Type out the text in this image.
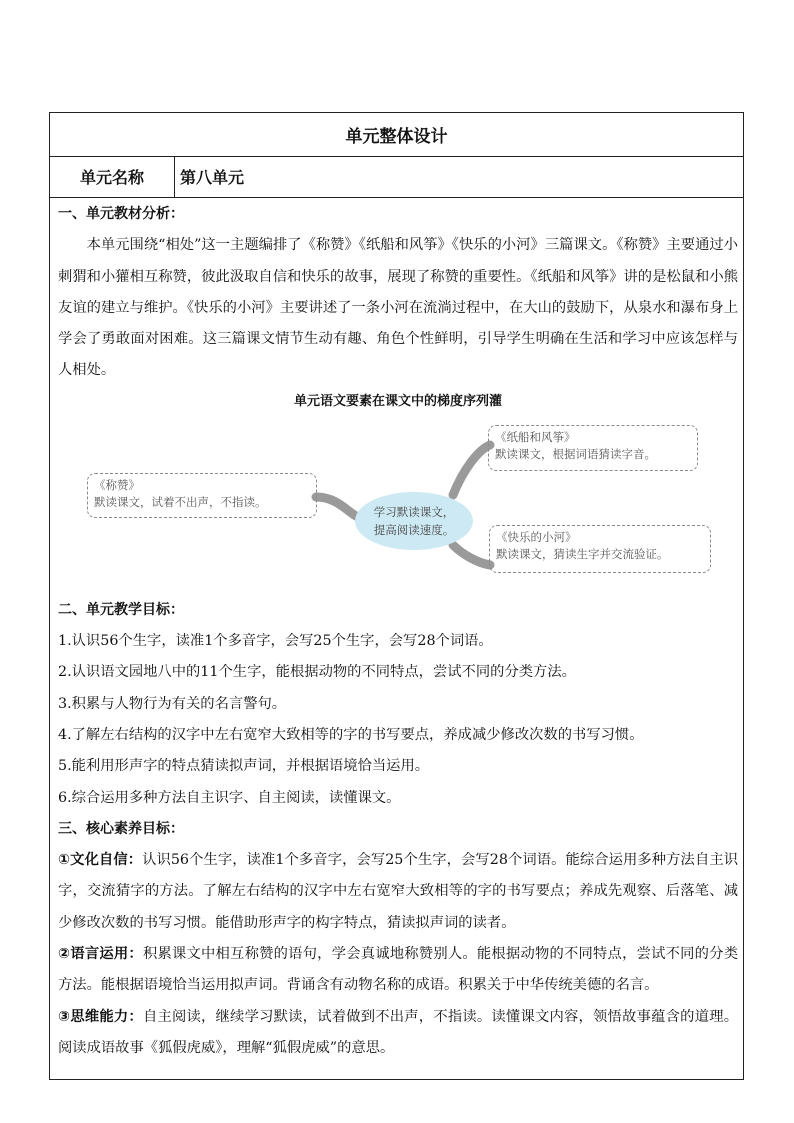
单元整体设计
单元名称	第八单元
一、单元教材分析：
本单元围绕“相处”这一主题编排了《称赞》《纸船和风筝》《快乐的小河》三篇课文。《称赞》主要通过小刺猬和小獾相互称赞，彼此汲取自信和快乐的故事，展现了称赞的重要性。《纸船和风筝》讲的是松鼠和小熊友谊的建立与维护。《快乐的小河》主要讲述了一条小河在流淌过程中，在大山的鼓励下，从泉水和瀑布身上学会了勇敢面对困难。这三篇课文情节生动有趣、角色个性鲜明，引导学生明确在生活和学习中应该怎样与人相处。
单元语文要素在课文中的梯度序列灌
《称赞》
默读课文，试着不出声，不指读。
学习默读课文，
提高阅读速度。
《纸船和风筝》
默读课文，根据词语猜读字音。
《快乐的小河》
默读课文，猜读生字并交流验证。
二、单元教学目标：
1.认识56个生字，读准1个多音字，会写25个生字，会写28个词语。
2.认识语文园地八中的11个生字，能根据动物的不同特点，尝试不同的分类方法。
3.积累与人物行为有关的名言警句。
4.了解左右结构的汉字中左右宽窄大致相等的字的书写要点，养成减少修改次数的书写习惯。
5.能利用形声字的特点猜读拟声词，并根据语境恰当运用。
6.综合运用多种方法自主识字、自主阅读，读懂课文。
三、核心素养目标：
①文化自信：认识56个生字，读准1个多音字，会写25个生字，会写28个词语。能综合运用多种方法自主识字，交流猜字的方法。了解左右结构的汉字中左右宽窄大致相等的字的书写要点；养成先观察、后落笔、减少修改次数的书写习惯。能借助形声字的构字特点，猜读拟声词的读者。
②语言运用：积累课文中相互称赞的语句，学会真诚地称赞别人。能根据动物的不同特点，尝试不同的分类方法。能根据语境恰当运用拟声词。背诵含有动物名称的成语。积累关于中华传统美德的名言。
③思维能力：自主阅读，继续学习默读，试着做到不出声，不指读。读懂课文内容，领悟故事蕴含的道理。阅读成语故事《狐假虎威》，理解“狐假虎威”的意思。
